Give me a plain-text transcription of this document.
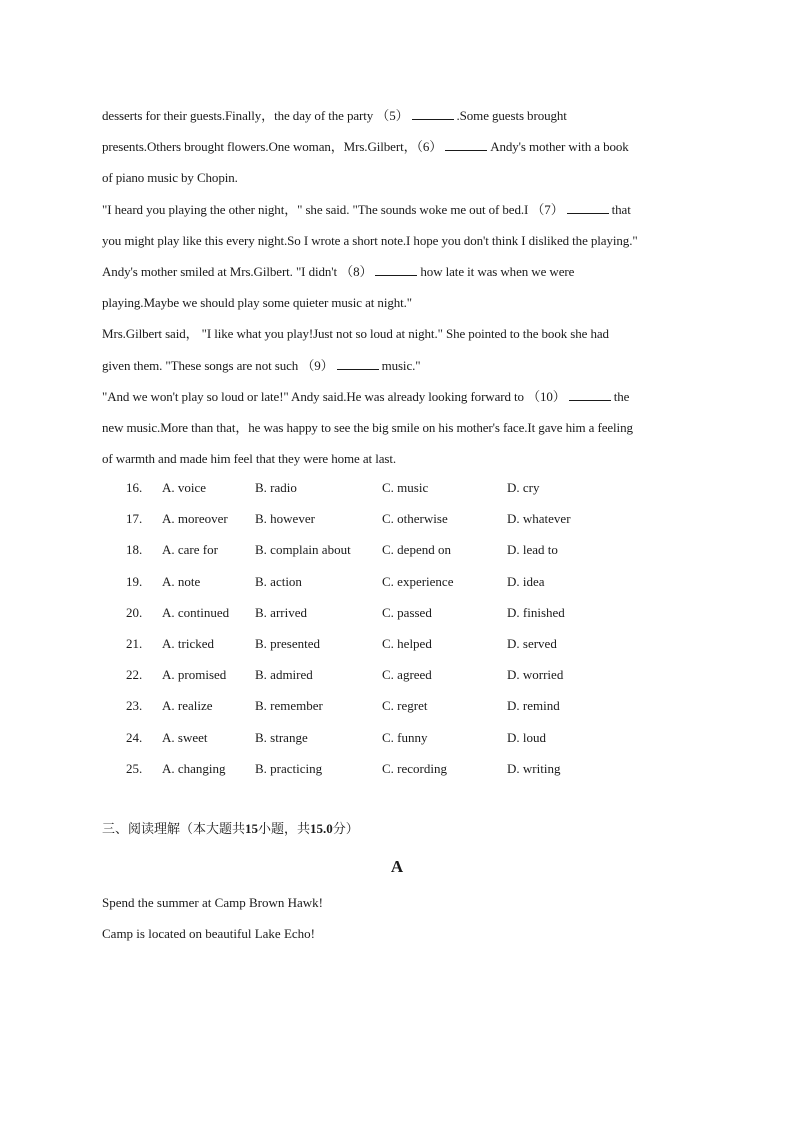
desserts for their guests.Finally，the day of the party （5）	.Some guests brought
presents.Others brought flowers.One woman，Mrs.Gilbert，（6）	Andy's mother with a book
of piano music by Chopin.
"I heard you playing the other night，" she said. "The sounds woke me out of bed.I （7）	that
you might play like this every night.So I wrote a short note.I hope you don't think I disliked the playing."
Andy's mother smiled at Mrs.Gilbert. "I didn't （8）	how late it was when we were
playing.Maybe we should play some quieter music at night."
Mrs.Gilbert said， "I like what you play!Just not so loud at night." She pointed to the book she had
given them. "These songs are not such （9）	music."
"And we won't play so loud or late!" Andy said.He was already looking forward to （10）	the
new music.More than that，he was happy to see the big smile on his mother's face.It gave him a feeling
of warmth and made him feel that they were home at last.
16. A. voice	B. radio	C. music	D. cry
17. A. moreover B. however	C. otherwise	D. whatever
18. A. care for	B. complain about C. depend on	D. lead to
19. A. note	B. action	C. experience	D. idea
20. A. continued B. arrived	C. passed	D. finished
21. A. tricked	B. presented	C. helped	D. served
22. A. promised B. admired	C. agreed	D. worried
23. A. realize	B. remember	C. regret	D. remind
24. A. sweet	B. strange	C. funny	D. loud
25. A. changing B. practicing	C. recording	D. writing
三、阅读理解（本大题共15小题，共15.0分）
A
Spend the summer at Camp Brown Hawk!
Camp is located on beautiful Lake Echo!
